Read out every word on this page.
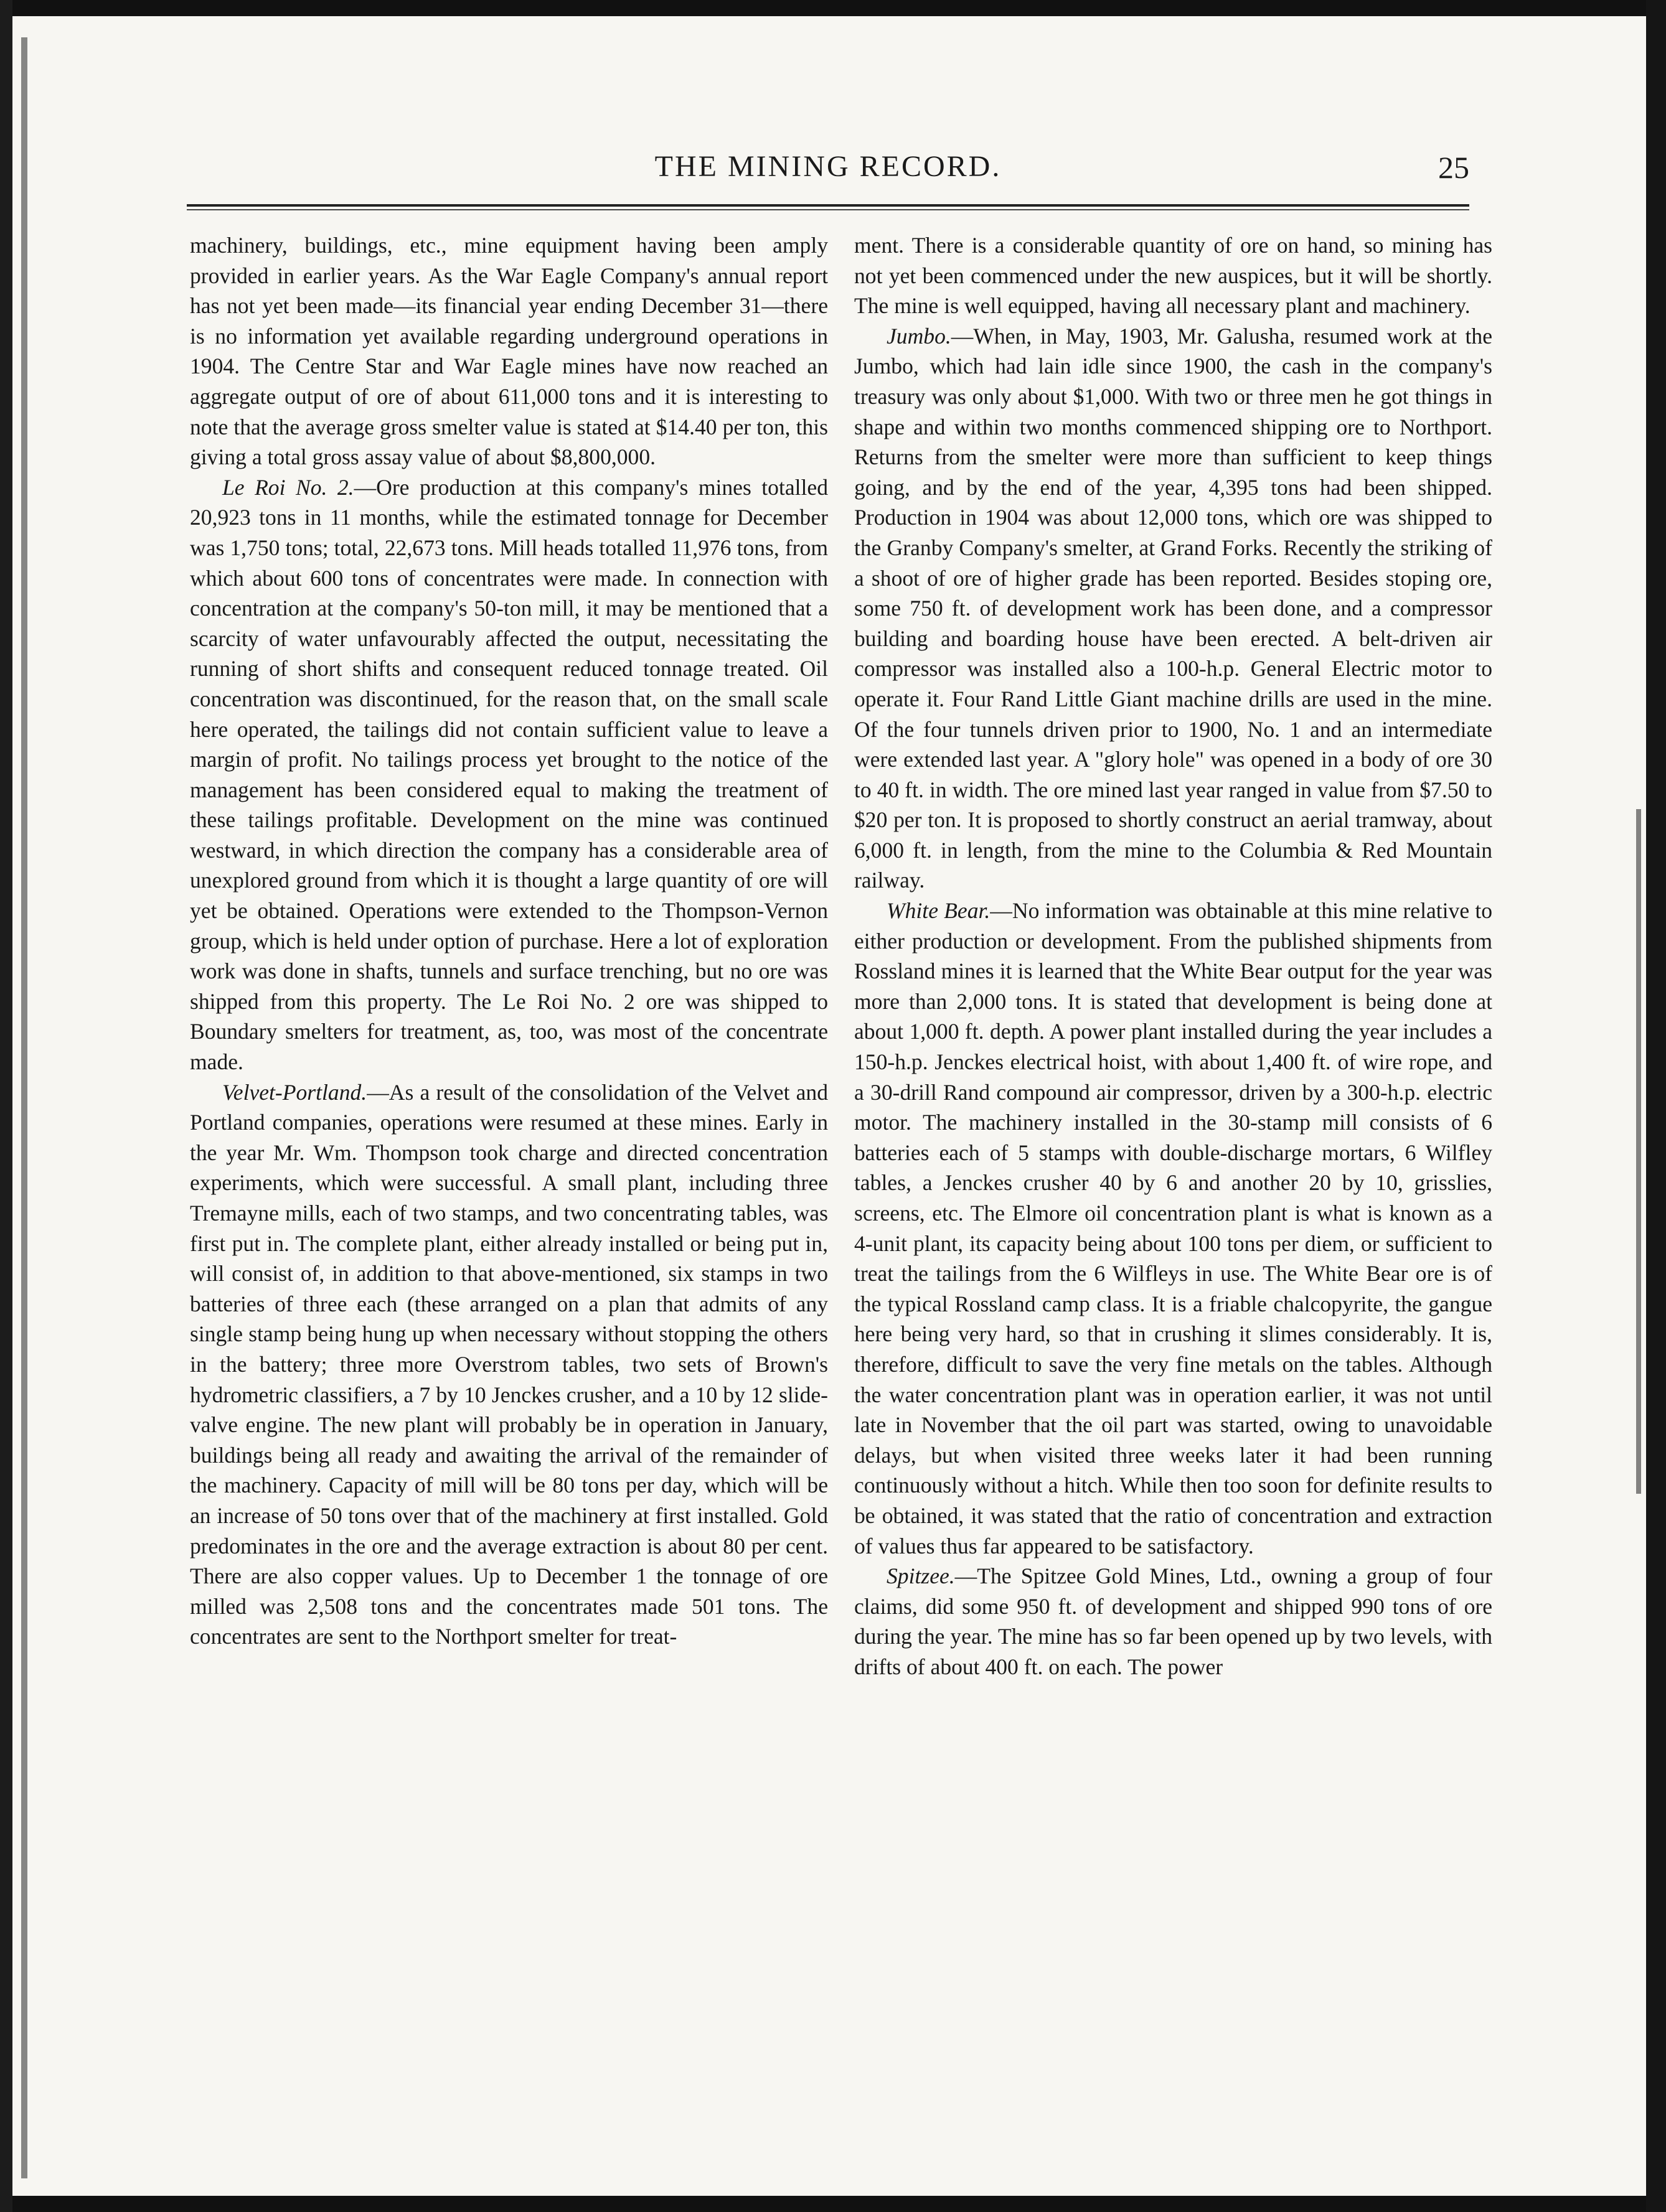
THE MINING RECORD.	25

machinery, buildings, etc., mine equipment having been amply provided in earlier years. As the War Eagle Company's annual report has not yet been made—its financial year ending December 31—there is no information yet available regarding underground operations in 1904. The Centre Star and War Eagle mines have now reached an aggregate output of ore of about 611,000 tons and it is interesting to note that the average gross smelter value is stated at $14.40 per ton, this giving a total gross assay value of about $8,800,000.

Le Roi No. 2.—Ore production at this company's mines totalled 20,923 tons in 11 months, while the estimated tonnage for December was 1,750 tons; total, 22,673 tons. Mill heads totalled 11,976 tons, from which about 600 tons of concentrates were made. In connection with concentration at the company's 50-ton mill, it may be mentioned that a scarcity of water unfavourably affected the output, necessitating the running of short shifts and consequent reduced tonnage treated. Oil concentration was discontinued, for the reason that, on the small scale here operated, the tailings did not contain sufficient value to leave a margin of profit. No tailings process yet brought to the notice of the management has been considered equal to making the treatment of these tailings profitable. Development on the mine was continued westward, in which direction the company has a considerable area of unexplored ground from which it is thought a large quantity of ore will yet be obtained. Operations were extended to the Thompson-Vernon group, which is held under option of purchase. Here a lot of exploration work was done in shafts, tunnels and surface trenching, but no ore was shipped from this property. The Le Roi No. 2 ore was shipped to Boundary smelters for treatment, as, too, was most of the concentrate made.

Velvet-Portland.—As a result of the consolidation of the Velvet and Portland companies, operations were resumed at these mines. Early in the year Mr. Wm. Thompson took charge and directed concentration experiments, which were successful. A small plant, including three Tremayne mills, each of two stamps, and two concentrating tables, was first put in. The complete plant, either already installed or being put in, will consist of, in addition to that above-mentioned, six stamps in two batteries of three each (these arranged on a plan that admits of any single stamp being hung up when necessary without stopping the others in the battery; three more Overstrom tables, two sets of Brown's hydrometric classifiers, a 7 by 10 Jenckes crusher, and a 10 by 12 slide-valve engine. The new plant will probably be in operation in January, buildings being all ready and awaiting the arrival of the remainder of the machinery. Capacity of mill will be 80 tons per day, which will be an increase of 50 tons over that of the machinery at first installed. Gold predominates in the ore and the average extraction is about 80 per cent. There are also copper values. Up to December 1 the tonnage of ore milled was 2,508 tons and the concentrates made 501 tons. The concentrates are sent to the Northport smelter for treat-

ment. There is a considerable quantity of ore on hand, so mining has not yet been commenced under the new auspices, but it will be shortly. The mine is well equipped, having all necessary plant and machinery.

Jumbo.—When, in May, 1903, Mr. Galusha, resumed work at the Jumbo, which had lain idle since 1900, the cash in the company's treasury was only about $1,000. With two or three men he got things in shape and within two months commenced shipping ore to Northport. Returns from the smelter were more than sufficient to keep things going, and by the end of the year, 4,395 tons had been shipped. Production in 1904 was about 12,000 tons, which ore was shipped to the Granby Company's smelter, at Grand Forks. Recently the striking of a shoot of ore of higher grade has been reported. Besides stoping ore, some 750 ft. of development work has been done, and a compressor building and boarding house have been erected. A belt-driven air compressor was installed also a 100-h.p. General Electric motor to operate it. Four Rand Little Giant machine drills are used in the mine. Of the four tunnels driven prior to 1900, No. 1 and an intermediate were extended last year. A "glory hole" was opened in a body of ore 30 to 40 ft. in width. The ore mined last year ranged in value from $7.50 to $20 per ton. It is proposed to shortly construct an aerial tramway, about 6,000 ft. in length, from the mine to the Columbia & Red Mountain railway.

White Bear.—No information was obtainable at this mine relative to either production or development. From the published shipments from Rossland mines it is learned that the White Bear output for the year was more than 2,000 tons. It is stated that development is being done at about 1,000 ft. depth. A power plant installed during the year includes a 150-h.p. Jenckes electrical hoist, with about 1,400 ft. of wire rope, and a 30-drill Rand compound air compressor, driven by a 300-h.p. electric motor. The machinery installed in the 30-stamp mill consists of 6 batteries each of 5 stamps with double-discharge mortars, 6 Wilfley tables, a Jenckes crusher 40 by 6 and another 20 by 10, grisslies, screens, etc. The Elmore oil concentration plant is what is known as a 4-unit plant, its capacity being about 100 tons per diem, or sufficient to treat the tailings from the 6 Wilfleys in use. The White Bear ore is of the typical Rossland camp class. It is a friable chalcopyrite, the gangue here being very hard, so that in crushing it slimes considerably. It is, therefore, difficult to save the very fine metals on the tables. Although the water concentration plant was in operation earlier, it was not until late in November that the oil part was started, owing to unavoidable delays, but when visited three weeks later it had been running continuously without a hitch. While then too soon for definite results to be obtained, it was stated that the ratio of concentration and extraction of values thus far appeared to be satisfactory.

Spitzee.—The Spitzee Gold Mines, Ltd., owning a group of four claims, did some 950 ft. of development and shipped 990 tons of ore during the year. The mine has so far been opened up by two levels, with drifts of about 400 ft. on each. The power
